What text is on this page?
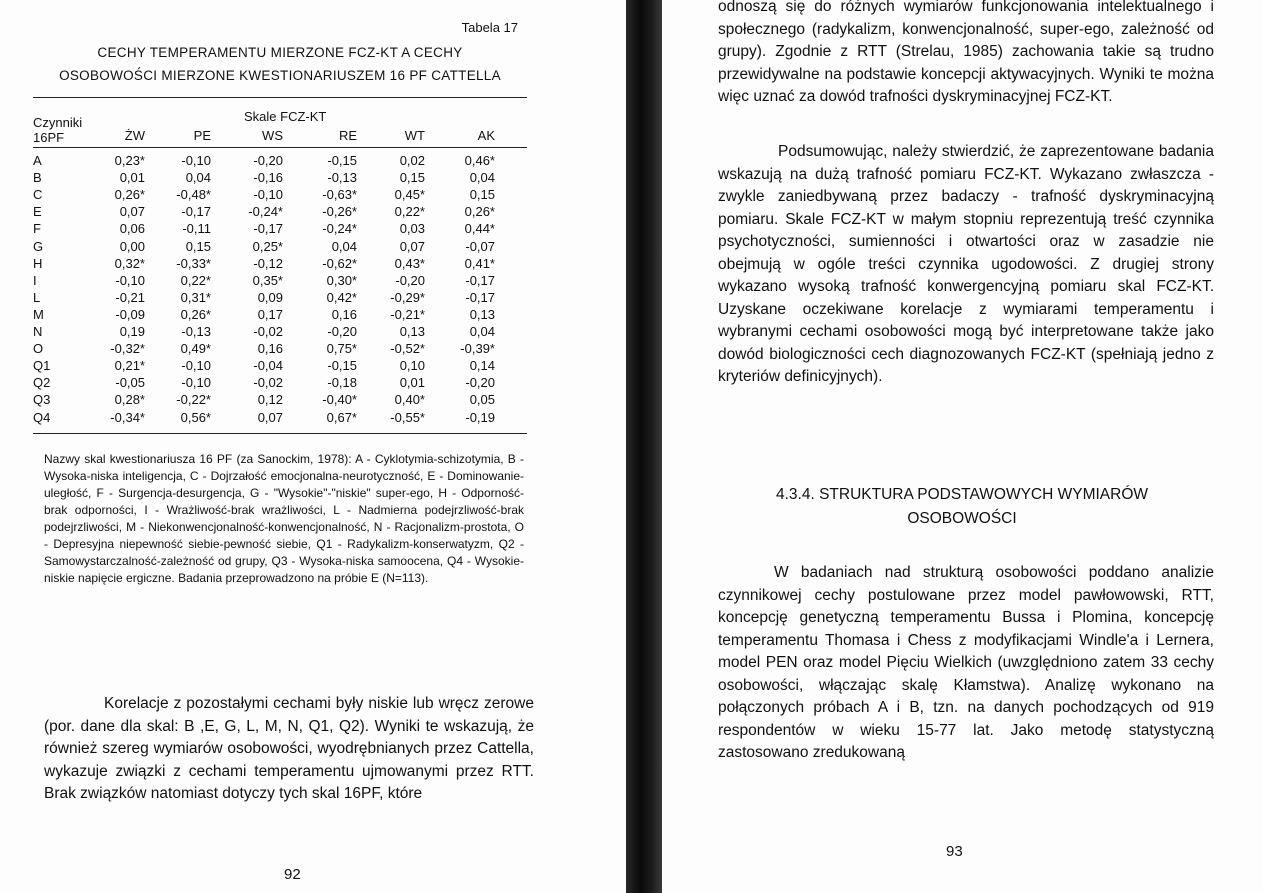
Tabela 17
CECHY TEMPERAMENTU MIERZONE FCZ-KT A CECHY
OSOBOWOŚCI MIERZONE KWESTIONARIUSZEM 16 PF CATTELLA
Czynniki
16PF
Skale FCZ-KT
ŻW	PE	WS	RE	WT	AK
A	0,23*	-0,10	-0,20	-0,15	0,02	0,46*
B	0,01	0,04	-0,16	-0,13	0,15	0,04
C	0,26*	-0,48*	-0,10	-0,63*	0,45*	0,15
E	0,07	-0,17	-0,24*	-0,26*	0,22*	0,26*
F	0,06	-0,11	-0,17	-0,24*	0,03	0,44*
G	0,00	0,15	0,25*	0,04	0,07	-0,07
H	0,32*	-0,33*	-0,12	-0,62*	0,43*	0,41*
I	-0,10	0,22*	0,35*	0,30*	-0,20	-0,17
L	-0,21	0,31*	0,09	0,42*	-0,29*	-0,17
M	-0,09	0,26*	0,17	0,16	-0,21*	0,13
N	0,19	-0,13	-0,02	-0,20	0,13	0,04
O	-0,32*	0,49*	0,16	0,75*	-0,52*	-0,39*
Q1	0,21*	-0,10	-0,04	-0,15	0,10	0,14
Q2	-0,05	-0,10	-0,02	-0,18	0,01	-0,20
Q3	0,28*	-0,22*	0,12	-0,40*	0,40*	0,05
Q4	-0,34*	0,56*	0,07	0,67*	-0,55*	-0,19
Nazwy skal kwestionariusza 16 PF (za Sanockim, 1978): A - Cyklotymia-schizotymia, B - Wysoka-niska inteligencja, C - Dojrzałość emocjonalna-neurotyczność, E - Dominowanie-uległość, F - Surgencja-desurgencja, G - "Wysokie"-"niskie" super-ego, H - Odporność-brak odporności, I - Wrażliwość-brak wrażliwości, L - Nadmierna podejrzliwość-brak podejrzliwości, M - Niekonwencjonalność-konwencjonalność, N - Racjonalizm-prostota, O - Depresyjna niepewność siebie-pewność siebie, Q1 - Radykalizm-konserwatyzm, Q2 - Samowystarczalność-zależność od grupy, Q3 - Wysoka-niska samoocena, Q4 - Wysokie-niskie napięcie ergiczne. Badania przeprowadzono na próbie E (N=113).
Korelacje z pozostałymi cechami były niskie lub wręcz zerowe (por. dane dla skal: B ,E, G, L, M, N, Q1, Q2). Wyniki te wskazują, że również szereg wymiarów osobowości, wyodrębnianych przez Cattella, wykazuje związki z cechami temperamentu ujmowanymi przez RTT. Brak związków natomiast dotyczy tych skal 16PF, które
92
odnoszą się do różnych wymiarów funkcjonowania intelektualnego i społecznego (radykalizm, konwencjonalność, super-ego, zależność od grupy). Zgodnie z RTT (Strelau, 1985) zachowania takie są trudno przewidywalne na podstawie koncepcji aktywacyjnych. Wyniki te można więc uznać za dowód trafności dyskryminacyjnej FCZ-KT.
Podsumowując, należy stwierdzić, że zaprezentowane badania wskazują na dużą trafność pomiaru FCZ-KT. Wykazano zwłaszcza - zwykle zaniedbywaną przez badaczy - trafność dyskryminacyjną pomiaru. Skale FCZ-KT w małym stopniu reprezentują treść czynnika psychotyczności, sumienności i otwartości oraz w zasadzie nie obejmują w ogóle treści czynnika ugodowości. Z drugiej strony wykazano wysoką trafność konwergencyjną pomiaru skal FCZ-KT. Uzyskane oczekiwane korelacje z wymiarami temperamentu i wybranymi cechami osobowości mogą być interpretowane także jako dowód biologiczności cech diagnozowanych FCZ-KT (spełniają jedno z kryteriów definicyjnych).
4.3.4. STRUKTURA PODSTAWOWYCH WYMIARÓW
OSOBOWOŚCI
W badaniach nad strukturą osobowości poddano analizie czynnikowej cechy postulowane przez model pawłowowski, RTT, koncepcję genetyczną temperamentu Bussa i Plomina, koncepcję temperamentu Thomasa i Chess z modyfikacjami Windle'a i Lernera, model PEN oraz model Pięciu Wielkich (uwzględniono zatem 33 cechy osobowości, włączając skalę Kłamstwa). Analizę wykonano na połączonych próbach A i B, tzn. na danych pochodzących od 919 respondentów w wieku 15-77 lat. Jako metodę statystyczną zastosowano zredukowaną
93
